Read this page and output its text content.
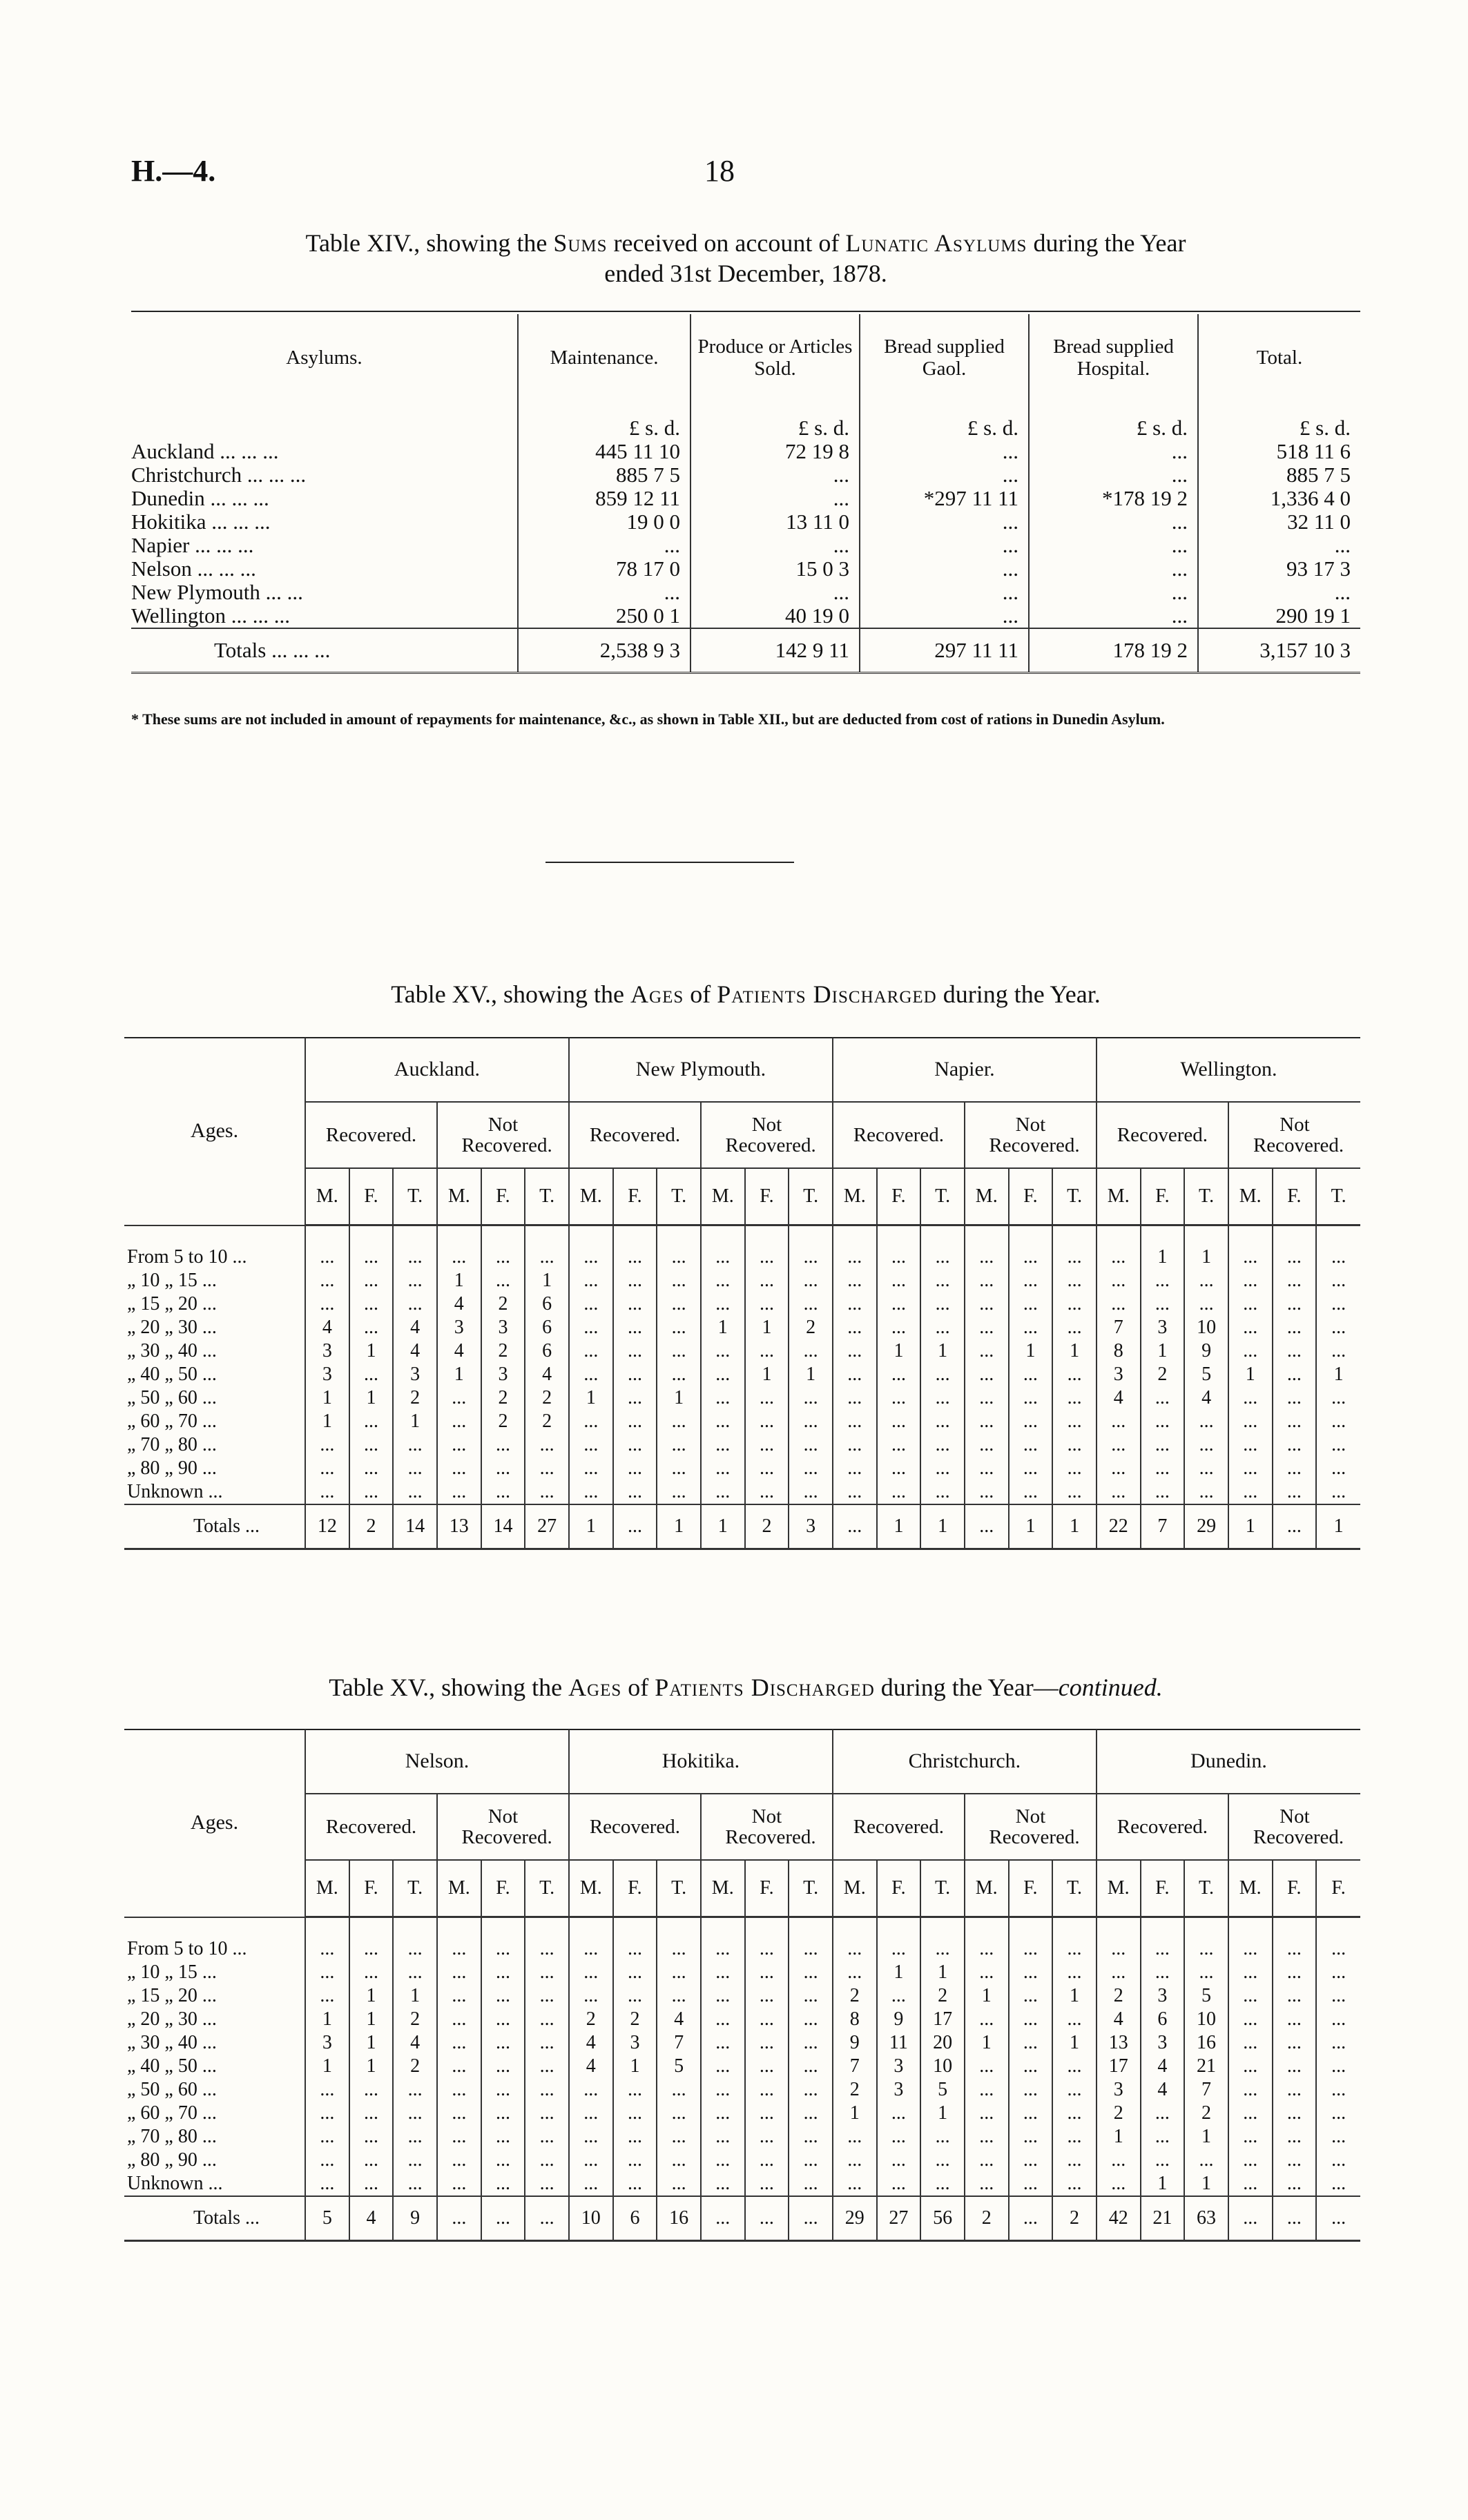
H.—4.	18
Table XIV., showing the Sums received on account of Lunatic Asylums during the Year
ended 31st December, 1878.
Asylums.	Maintenance.	Produce or Articles Sold.	Bread supplied Gaol.	Bread supplied Hospital.	Total.
	£ s. d.	£ s. d.	£ s. d.	£ s. d.	£ s. d.
Auckland ... ... ...	445 11 10	72 19 8	...	...	518 11 6
Christchurch ... ... ...	885 7 5	...	...	...	885 7 5
Dunedin ... ... ...	859 12 11	...	*297 11 11	*178 19 2	1,336 4 0
Hokitika ... ... ...	19 0 0	13 11 0	...	...	32 11 0
Napier ... ... ...	...	...	...	...	...
Nelson ... ... ...	78 17 0	15 0 3	...	...	93 17 3
New Plymouth ... ...	...	...	...	...	...
Wellington ... ... ...	250 0 1	40 19 0	...	...	290 19 1
Totals ... ... ...	2,538 9 3	142 9 11	297 11 11	178 19 2	3,157 10 3
* These sums are not included in amount of repayments for maintenance, &c., as shown in Table XII., but are deducted from cost of rations in Dunedin Asylum.
Table XV., showing the Ages of Patients Discharged during the Year.
Ages.	Auckland.						New Plymouth.						Napier.						Wellington.					
	Recovered.			Not Recovered.			Recovered.			Not Recovered.			Recovered.			Not Recovered.			Recovered.			Not Recovered.		
	M.	F.	T.	M.	F.	T.	M.	F.	T.	M.	F.	T.	M.	F.	T.	M.	F.	T.	M.	F.	T.	M.	F.	T.
From 5 to 10 ...	...	...	...	...	...	...	...	...	...	...	...	...	...	...	...	...	...	...	...	1	1	...	...	...
„ 10 „ 15 ...	...	...	...	1	...	1	...	...	...	...	...	...	...	...	...	...	...	...	...	...	...	...	...	...
„ 15 „ 20 ...	...	...	...	4	2	6	...	...	...	...	...	...	...	...	...	...	...	...	...	...	...	...	...	...
„ 20 „ 30 ...	4	...	4	3	3	6	...	...	...	1	1	2	...	...	...	...	...	...	7	3	10	...	...	...
„ 30 „ 40 ...	3	1	4	4	2	6	...	...	...	...	...	...	...	1	1	...	1	1	8	1	9	...	...	...
„ 40 „ 50 ...	3	...	3	1	3	4	...	...	...	...	1	1	...	...	...	...	...	...	3	2	5	1	...	1
„ 50 „ 60 ...	1	1	2	...	2	2	1	...	1	...	...	...	...	...	...	...	...	...	4	...	4	...	...	...
„ 60 „ 70 ...	1	...	1	...	2	2	...	...	...	...	...	...	...	...	...	...	...	...	...	...	...	...	...	...
„ 70 „ 80 ...	...	...	...	...	...	...	...	...	...	...	...	...	...	...	...	...	...	...	...	...	...	...	...	...
„ 80 „ 90 ...	...	...	...	...	...	...	...	...	...	...	...	...	...	...	...	...	...	...	...	...	...	...	...	...
Unknown ...	...	...	...	...	...	...	...	...	...	...	...	...	...	...	...	...	...	...	...	...	...	...	...	...
Totals ...	12	2	14	13	14	27	1	...	1	1	2	3	...	1	1	...	1	1	22	7	29	1	...	1
Table XV., showing the Ages of Patients Discharged during the Year—continued.
Ages.	Nelson.						Hokitika.						Christchurch.						Dunedin.					
	Recovered.			Not Recovered.			Recovered.			Not Recovered.			Recovered.			Not Recovered.			Recovered.			Not Recovered.		
	M.	F.	T.	M.	F.	T.	M.	F.	T.	M.	F.	T.	M.	F.	T.	M.	F.	T.	M.	F.	T.	M.	F.	F.
From 5 to 10 ...	...	...	...	...	...	...	...	...	...	...	...	...	...	...	...	...	...	...	...	...	...	...	...	...
„ 10 „ 15 ...	...	...	...	...	...	...	...	...	...	...	...	...	...	1	1	...	...	...	...	...	...	...	...	...
„ 15 „ 20 ...	...	1	1	...	...	...	...	...	...	...	...	...	2	...	2	1	...	1	2	3	5	...	...	...
„ 20 „ 30 ...	1	1	2	...	...	...	2	2	4	...	...	...	8	9	17	...	...	...	4	6	10	...	...	...
„ 30 „ 40 ...	3	1	4	...	...	...	4	3	7	...	...	...	9	11	20	1	...	1	13	3	16	...	...	...
„ 40 „ 50 ...	1	1	2	...	...	...	4	1	5	...	...	...	7	3	10	...	...	...	17	4	21	...	...	...
„ 50 „ 60 ...	...	...	...	...	...	...	...	...	...	...	...	...	2	3	5	...	...	...	3	4	7	...	...	...
„ 60 „ 70 ...	...	...	...	...	...	...	...	...	...	...	...	...	1	...	1	...	...	...	2	...	2	...	...	...
„ 70 „ 80 ...	...	...	...	...	...	...	...	...	...	...	...	...	...	...	...	...	...	...	1	...	1	...	...	...
„ 80 „ 90 ...	...	...	...	...	...	...	...	...	...	...	...	...	...	...	...	...	...	...	...	...	...	...	...	...
Unknown ...	...	...	...	...	...	...	...	...	...	...	...	...	...	...	...	...	...	...	...	1	1	...	...	...
Totals ...	5	4	9	...	...	...	10	6	16	...	...	...	29	27	56	2	...	2	42	21	63	...	...	...
